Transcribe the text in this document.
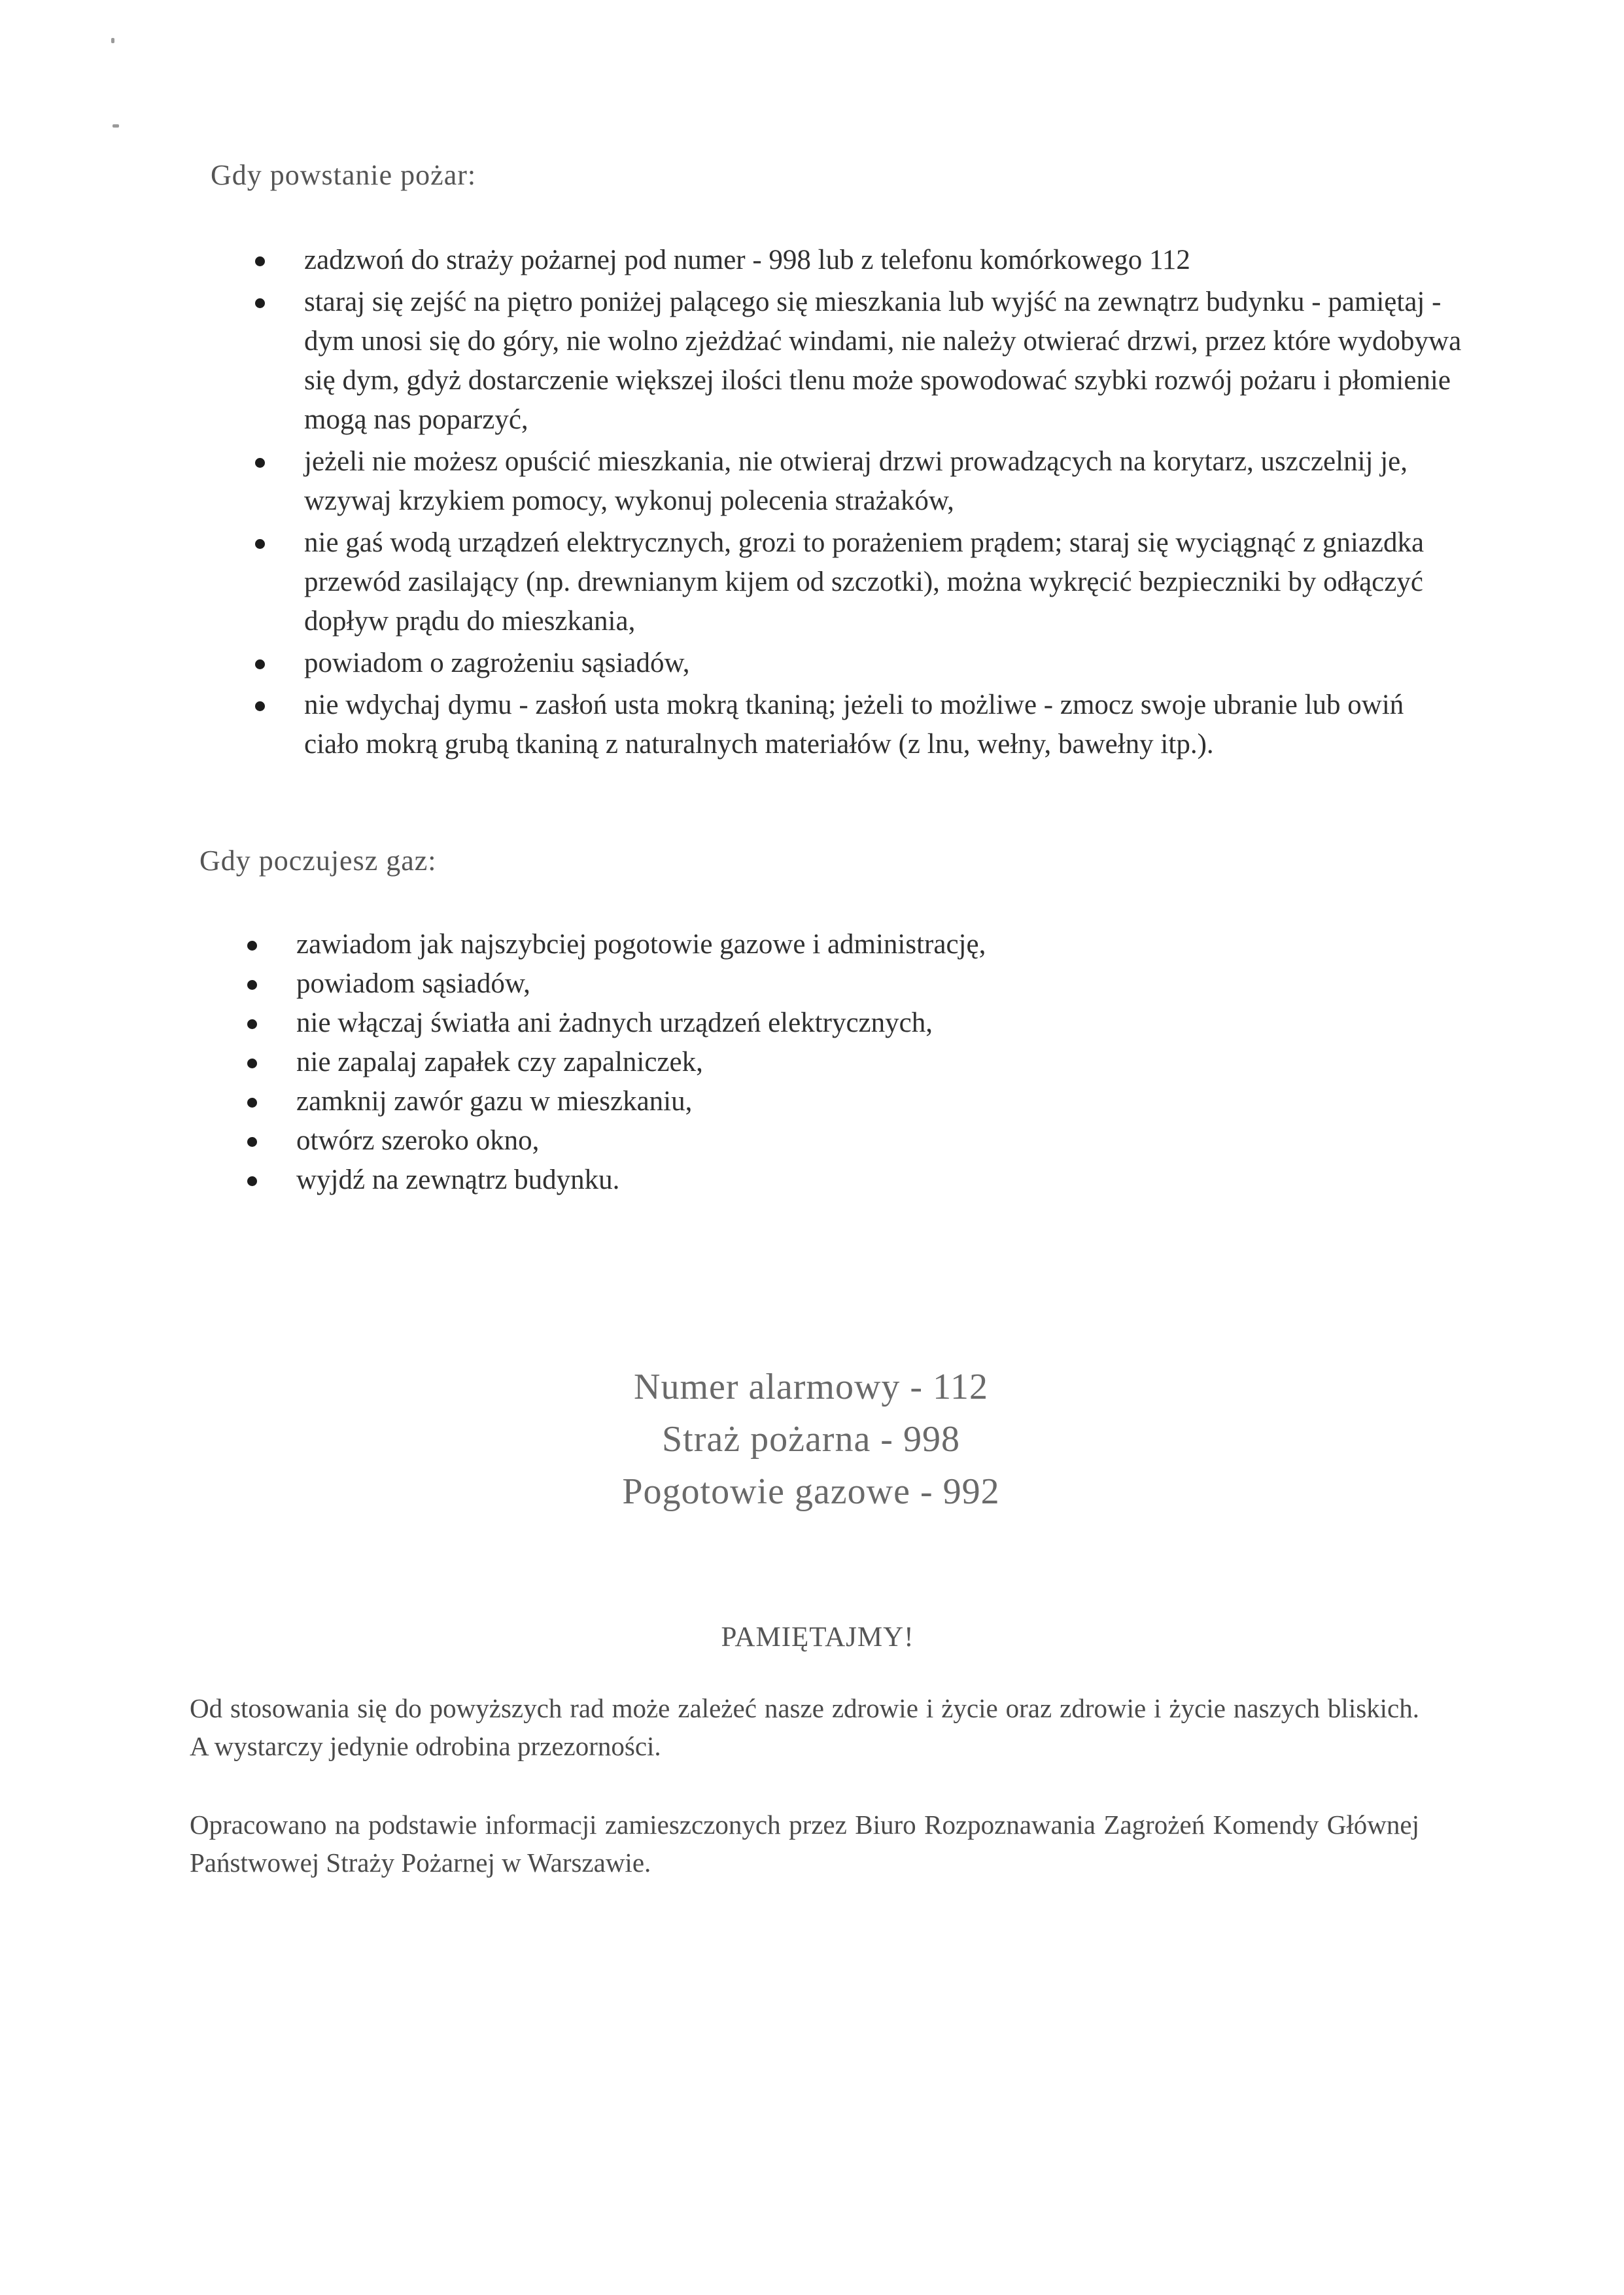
Gdy powstanie pożar:
zadzwoń do straży pożarnej pod numer - 998 lub z telefonu komórkowego 112
staraj się zejść na piętro poniżej palącego się mieszkania lub wyjść na zewnątrz budynku - pamiętaj - dym unosi się do góry, nie wolno zjeżdżać windami, nie należy otwierać drzwi, przez które wydobywa się dym, gdyż dostarczenie większej ilości tlenu może spowodować szybki rozwój pożaru i płomienie mogą nas poparzyć,
jeżeli nie możesz opuścić mieszkania, nie otwieraj drzwi prowadzących na korytarz, uszczelnij je, wzywaj krzykiem pomocy, wykonuj polecenia strażaków,
nie gaś wodą urządzeń elektrycznych, grozi to porażeniem prądem; staraj się wyciągnąć z gniazdka przewód zasilający (np. drewnianym kijem od szczotki), można wykręcić bezpieczniki by odłączyć dopływ prądu do mieszkania,
powiadom o zagrożeniu sąsiadów,
nie wdychaj dymu - zasłoń usta mokrą tkaniną; jeżeli to możliwe - zmocz swoje ubranie lub owiń ciało mokrą grubą tkaniną z naturalnych materiałów (z lnu, wełny, bawełny itp.).
Gdy poczujesz gaz:
zawiadom jak najszybciej pogotowie gazowe i administrację,
powiadom sąsiadów,
nie włączaj światła ani żadnych urządzeń elektrycznych,
nie zapalaj zapałek czy zapalniczek,
zamknij zawór gazu w mieszkaniu,
otwórz szeroko okno,
wyjdź na zewnątrz budynku.
Numer alarmowy - 112
Straż pożarna - 998
Pogotowie gazowe - 992
PAMIĘTAJMY!
Od stosowania się do powyższych rad może zależeć nasze zdrowie i życie oraz zdrowie i życie naszych bliskich. A wystarczy jedynie odrobina przezorności.
Opracowano na podstawie informacji zamieszczonych przez Biuro Rozpoznawania Zagrożeń Komendy Głównej Państwowej Straży Pożarnej w Warszawie.
